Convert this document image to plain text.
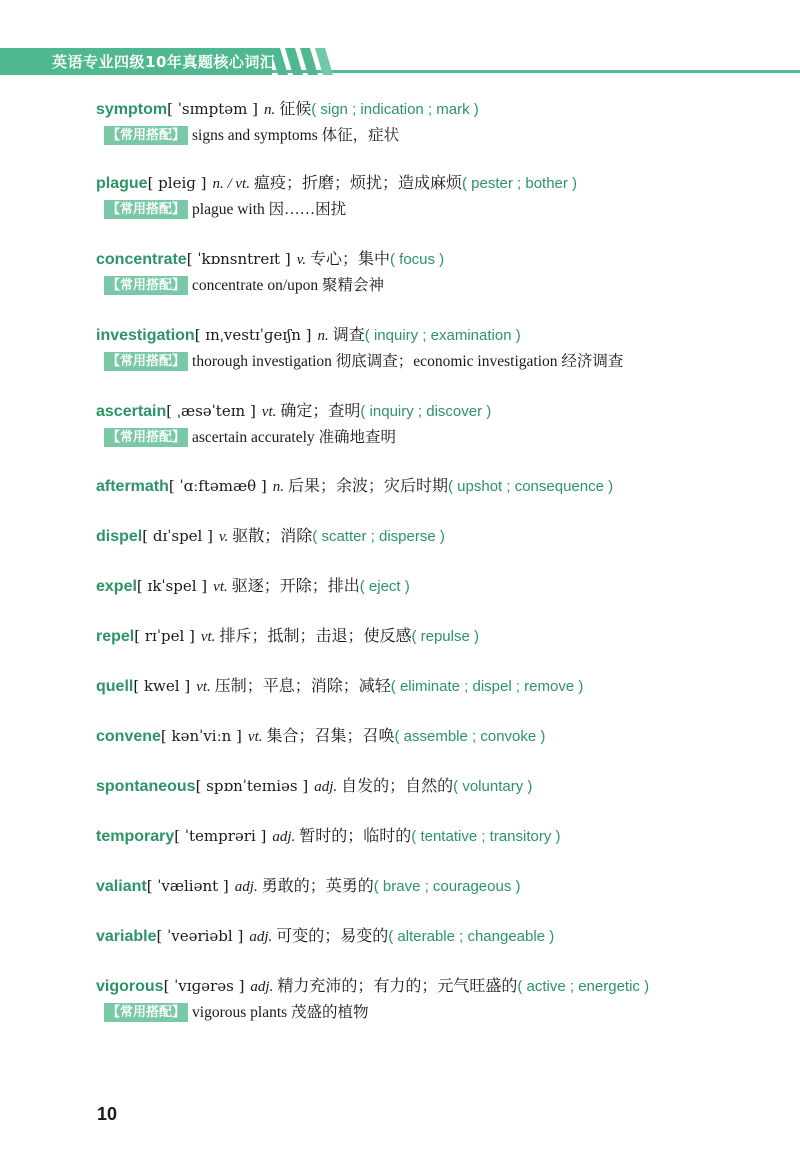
英语专业四级10年真题核心词汇
symptom[ ˈsɪmptəm ] n. 征候( sign ; indication ; mark )
【常用搭配】 signs and symptoms 体征，症状
plague[ pleiɡ ] n. / vt. 瘟疫；折磨；烦扰；造成麻烦( pester ; bother )
【常用搭配】 plague with 因……困扰
concentrate[ ˈkɒnsntreɪt ] v. 专心；集中( focus )
【常用搭配】 concentrate on/upon 聚精会神
investigation[ ɪnˌvestɪˈɡeɪʃn ] n. 调查( inquiry ; examination )
【常用搭配】 thorough investigation 彻底调查；economic investigation 经济调查
ascertain[ ˌæsəˈteɪn ] vt. 确定；查明( inquiry ; discover )
【常用搭配】 ascertain accurately 准确地查明
aftermath[ ˈɑːftəmæθ ] n. 后果；余波；灾后时期( upshot ; consequence )
dispel[ dɪˈspel ] v. 驱散；消除( scatter ; disperse )
expel[ ɪkˈspel ] vt. 驱逐；开除；排出( eject )
repel[ rɪˈpel ] vt. 排斥；抵制；击退；使反感( repulse )
quell[ kwel ] vt. 压制；平息；消除；减轻( eliminate ; dispel ; remove )
convene[ kənˈviːn ] vt. 集合；召集；召唤( assemble ; convoke )
spontaneous[ spɒnˈteɪniəs ] adj. 自发的；自然的( voluntary )
temporary[ ˈtemprəri ] adj. 暂时的；临时的( tentative ; transitory )
valiant[ ˈvæliənt ] adj. 勇敢的；英勇的( brave ; courageous )
variable[ ˈveəriəbl ] adj. 可变的；易变的( alterable ; changeable )
vigorous[ ˈvɪɡərəs ] adj. 精力充沛的；有力的；元气旺盛的( active ; energetic )
【常用搭配】 vigorous plants 茂盛的植物
10
